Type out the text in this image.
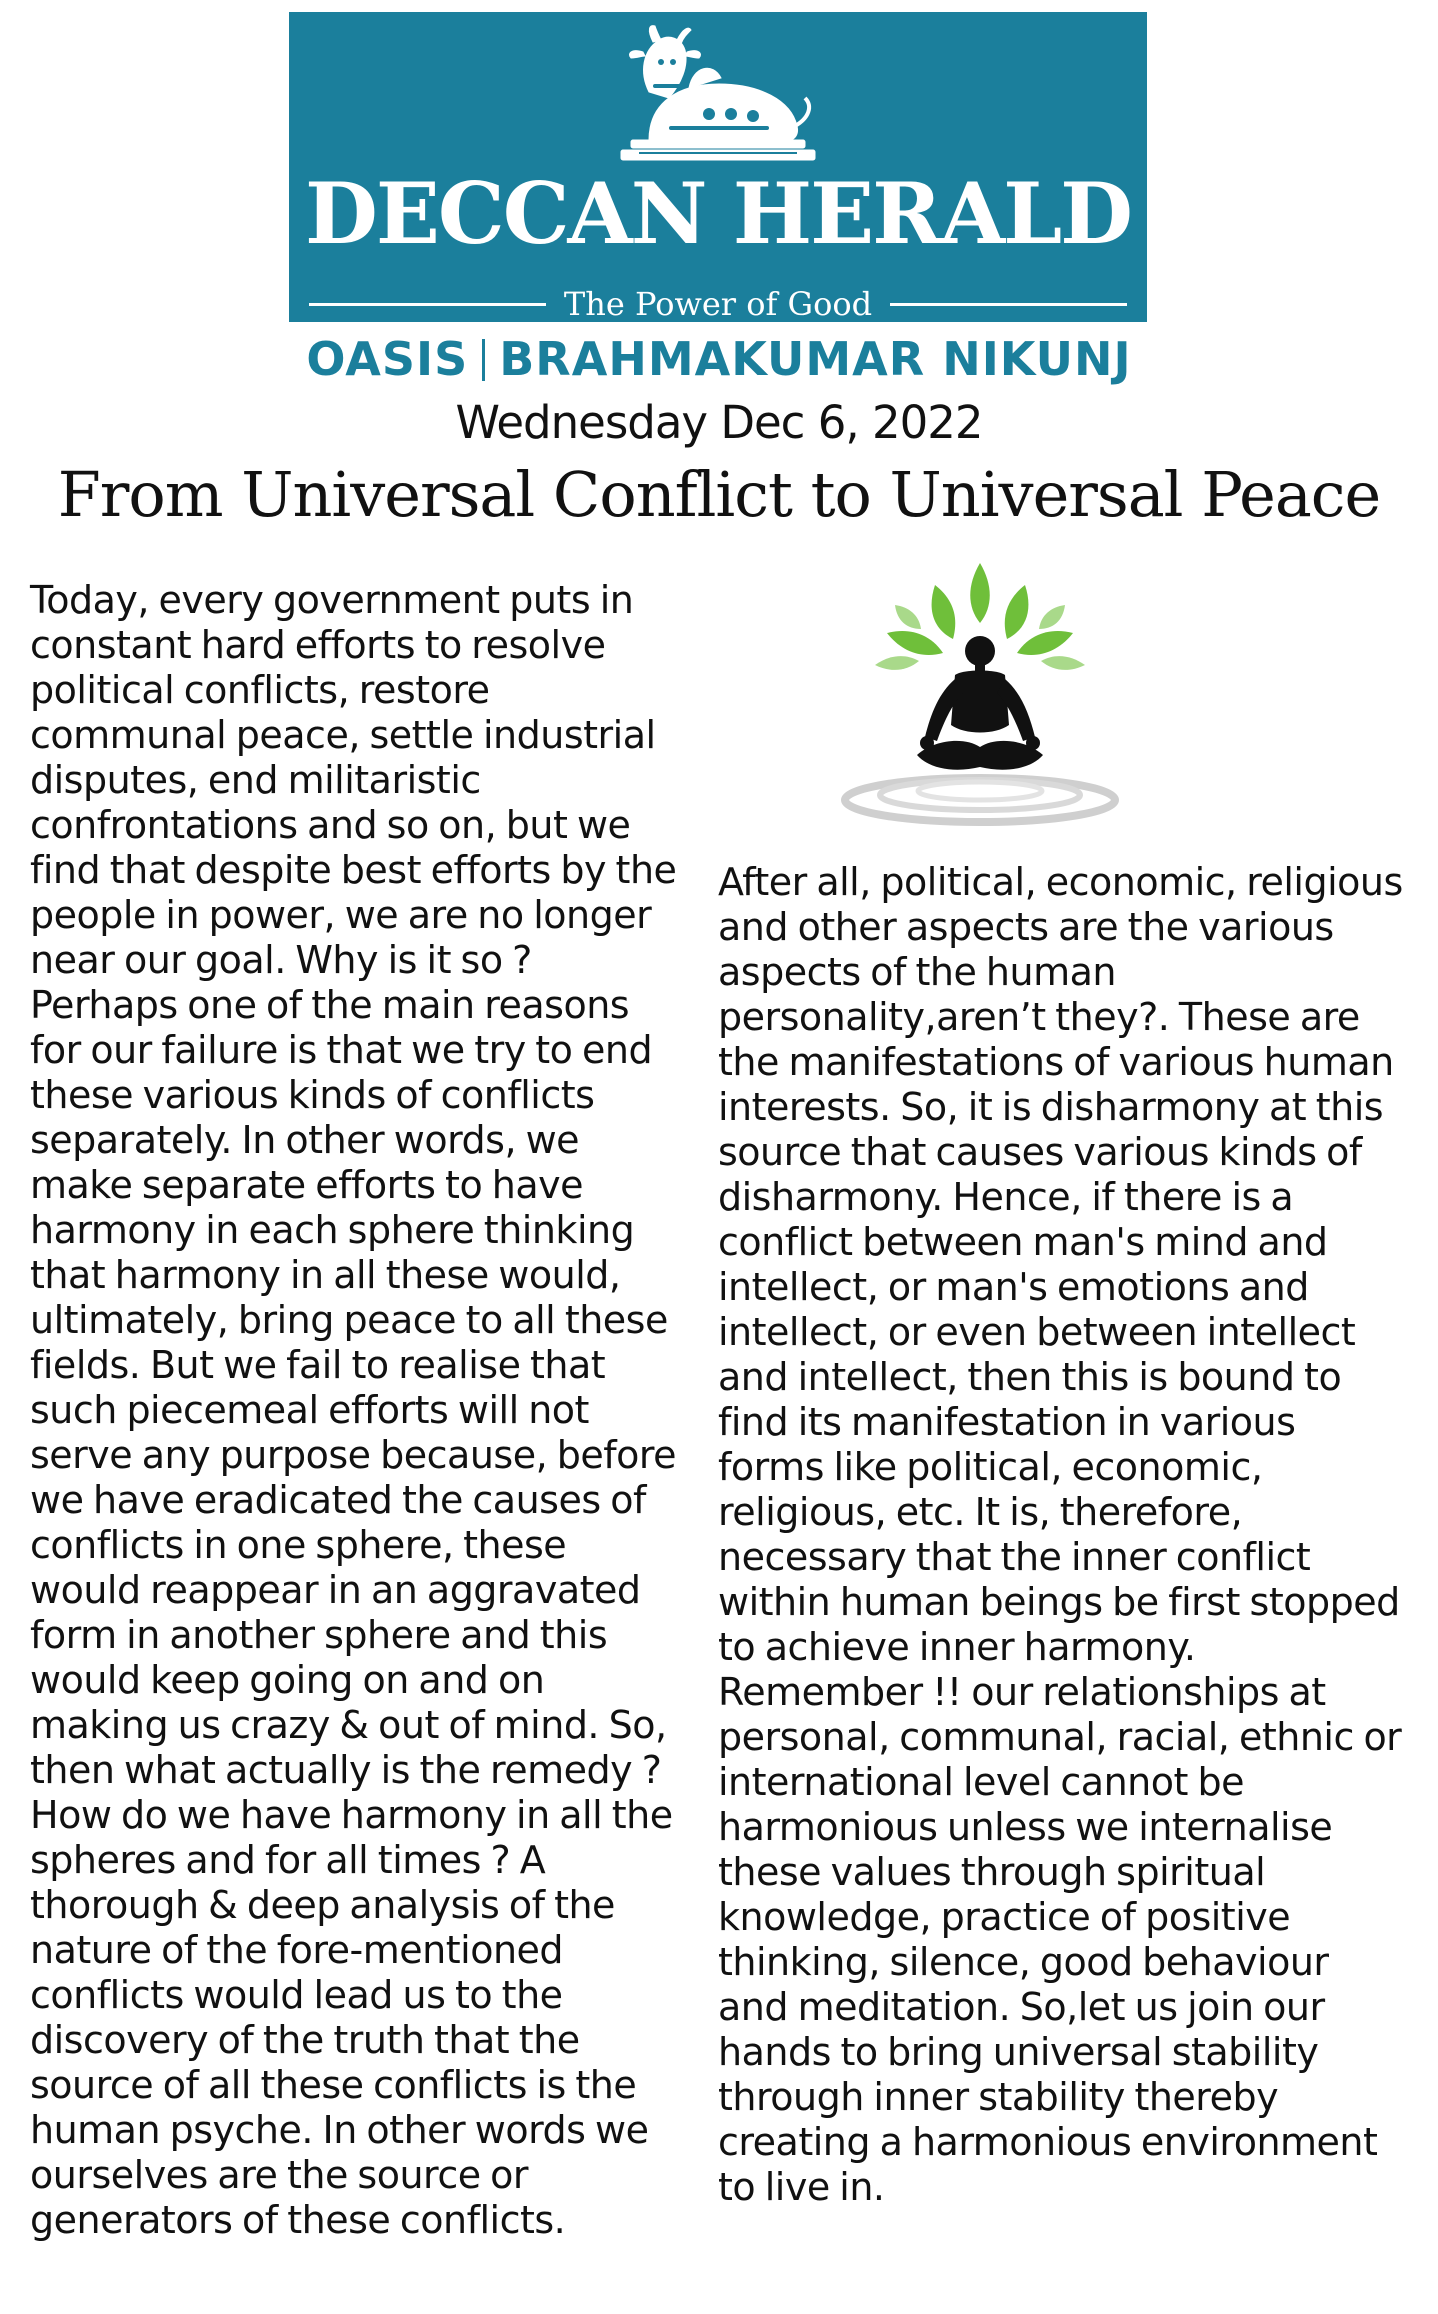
DECCAN HERALD
The Power of Good
OASIS BRAHMAKUMAR NIKUNJ
Wednesday Dec 6, 2022
From Universal Conflict to Universal Peace

Today, every government puts in constant hard efforts to resolve political conflicts, restore communal peace, settle industrial disputes, end militaristic confrontations and so on, but we find that despite best efforts by the people in power, we are no longer near our goal. Why is it so ? Perhaps one of the main reasons for our failure is that we try to end these various kinds of conflicts separately. In other words, we make separate efforts to have harmony in each sphere thinking that harmony in all these would, ultimately, bring peace to all these fields. But we fail to realise that such piecemeal efforts will not serve any purpose because, before we have eradicated the causes of conflicts in one sphere, these would reappear in an aggravated form in another sphere and this would keep going on and on making us crazy & out of mind. So, then what actually is the remedy ? How do we have harmony in all the spheres and for all times ? A thorough & deep analysis of the nature of the fore-mentioned conflicts would lead us to the discovery of the truth that the source of all these conflicts is the human psyche. In other words we ourselves are the source or generators of these conflicts.

After all, political, economic, religious and other aspects are the various aspects of the human personality,aren’t they?. These are the manifestations of various human interests. So, it is disharmony at this source that causes various kinds of disharmony. Hence, if there is a conflict between man's mind and intellect, or man's emotions and intellect, or even between intellect and intellect, then this is bound to find its manifestation in various forms like political, economic, religious, etc. It is, therefore, necessary that the inner conflict within human beings be first stopped to achieve inner harmony. Remember !! our relationships at personal, communal, racial, ethnic or international level cannot be harmonious unless we internalise these values through spiritual knowledge, practice of positive thinking, silence, good behaviour and meditation. So,let us join our hands to bring universal stability through inner stability thereby creating a harmonious environment to live in.
